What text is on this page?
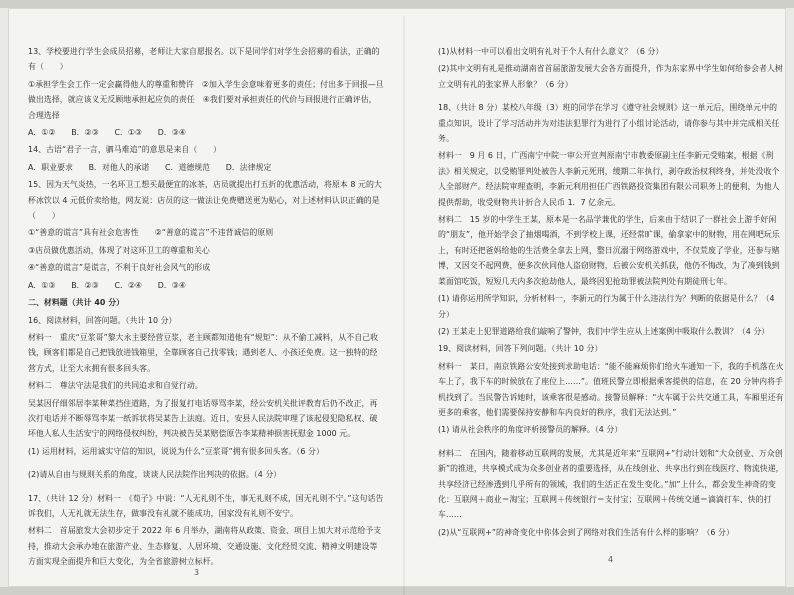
13、学校要进行学生会成员招募，老师让大家自愿报名。以下是同学们对学生会招募的看法，正确的有（　　）

①承担学生会工作一定会赢得他人的尊重和赞许　②加入学生会意味着更多的责任；付出多于回报—旦做出选择，就应该义无反顾地承担起应负的责任　④我们要对承担责任的代价与回报进行正确评估，合理选择

A．①②　　B．②③　　C．①③　　D．③④

14、古语“君子一言，驷马难追”的意思是来自（　　）

A．职业要求　　B．对他人的承诺　　C．道德规范　　D．法律规定

15、因为天气炎热，一名环卫工想买最便宜的冰茶，店员就提出打五折的优惠活动，将原本 8 元的大杯冰饮以 4 元低价卖给他，网友说：店员的这一做法让免费赠送更为贴心，对上述材料认识正确的是（　　）

①“善意的谎言”具有社会危害性　　②“善意的谎言”不违背诚信的原则

③店员做优惠活动，体现了对这环卫工的尊重和关心

④“善意的谎言”是谎言，不利于良好社会风气的形成

A．①③　　B．②③　　C．②④　　D．③④

二、材料题（共计 40 分）

16、阅读材料，回答问题。（共计 10 分）

材料一　重庆“豆浆哥”黎大永主要经营豆浆，老主顾都知道他有“规矩”：从不偷工减料，从不自己收钱，顾客们都是自己把钱放进钱箱里，全靠顾客自己找零钱；遇到老人、小孩还免费。这一独特的经营方式，让至大永拥有很多回头客。

材料二　尊法守法是我们的共同追求和自觉行动。

吴某因仔细邻居李某种菜挡住道路，为了报复打电话辱骂李某，经公安机关批评教育后仍不改正，再次打电话并不断辱骂李某一纸诉状将吴某告上法庭。近日，安县人民法院审理了该起侵犯隐私权、破坏他人私人生活安宁的网络侵权纠纷，判决被告吴某赔偿原告李某精神损害抚慰金 1000 元。

(1) 运用材料，运用诚实守信的知识，说说为什么“豆浆哥”拥有很多回头客。（6 分）

(2)请从自由与规则关系的角度，谈谈人民法院作出判决的依据。（4 分）

17、（共计 12 分）材料一　《荀子》中说：“人无礼则不生，事无礼则不成，国无礼则不宁。”这句话告诉我们，人无礼就无法生存，做事没有礼就不能成功，国家没有礼则不安宁。

材料二　首届旅发大会初步定于 2022 年 6 月举办，湖南将从政策、资金、项目上加大对示范给予支持，推动大会承办地在旅游产业、生态修复、人居环境、交通设施、文化经贸交流、精神文明建设等方面实现全面提升和巨大变化，为全省旅游树立标杆。

(1)从材料一中可以看出文明有礼对于个人有什么意义？（6 分）

(2)其中文明有礼是推动湖南省首届旅游发展大会各方面提升，作为东家界中学生如何给参会者人树立文明有礼的张家界人形象？（6 分）

18、（共计 8 分）某校八年级（3）班的同学在学习《遵守社会规则》这一单元后，围绕单元中的重点知识，设计了学习活动并为对违法犯罪行为进行了小组讨论活动，请你参与其中并完成相关任务。

材料一　9 月 6 日，广西南宁中院一审公开宣判原南宁市教委原副主任李新元受贿案，根据《刑法》相关规定，以受贿罪判处被告人李新元死刑，缓期二年执行，剥夺政治权利终身，并处没收个人全部财产。经法院审理查明，李新元利用担任广西铁路投资集团有限公司职务上的便利，为他人提供帮助，收受财物共计折合人民币 1．7 亿余元。

材料二　15 岁的中学生王某，原本是一名品学兼优的学生，后来由于结识了一群社会上游手好闲的“朋友”，他开始学会了抽烟喝酒，不到学校上课，还经常旷课，偷拿家中的财物，用在网吧玩乐上，有时还把爸妈给他的生活费全拿去上网，整日沉溺于网络游戏中，不仅荒废了学业，还参与赌博，又因交不起网费，便多次伙同他人盗窃财物，后被公安机关抓获，他仍不悔改，为了凑到钱到菜面馆吃饭，短短几天内多次抢劫他人，最终因犯抢劫罪被法院判处有期徒刑七年。

(1) 请你运用所学知识，分析材料一，李新元的行为属于什么违法行为？判断的依据是什么？（4 分）

(2) 王某走上犯罪道路给我们敲响了警钟，我们中学生应从上述案例中吸取什么教训？（4 分）

19、阅读材料，回答下列问题。（共计 10 分）

材料一　某日，南京铁路公安处接到求助电话：“能不能麻烦你们给火车通知一下，我的手机落在火车上了，我下车的时候放在了座位上……”。值班民警立即根据乘客提供的信息，在 20 分钟内将手机找到了。当民警告诉她时，该乘客很是感动。接警员解释：“火车属于公共交通工具，车厢里还有更多的乘客，他们需要保持安静和车内良好的秩序，我们无法达到。”

(1) 请从社会秩序的角度评析接警员的解释。（4 分）

材料二　在国内，随着移动互联网的发展，尤其是近年来“互联网+”行动计划和“大众创业、万众创新”的推进，共享模式成为众多创业者的重要选择，从在线创业、共享出行到在线医疗、物流快递，共享经济已经渗透到几乎所有的领域，我们的生活正在发生变化。”加”上什么，都会发生神奇的变化：互联网＋商业＝淘宝；互联网＋传统银行＝支付宝；互联网＋传统交通＝滴滴打车、快的打车……

(2)从“互联网+”的神奇变化中你体会到了网络对我们生活有什么样的影响？（6 分）

3
4
